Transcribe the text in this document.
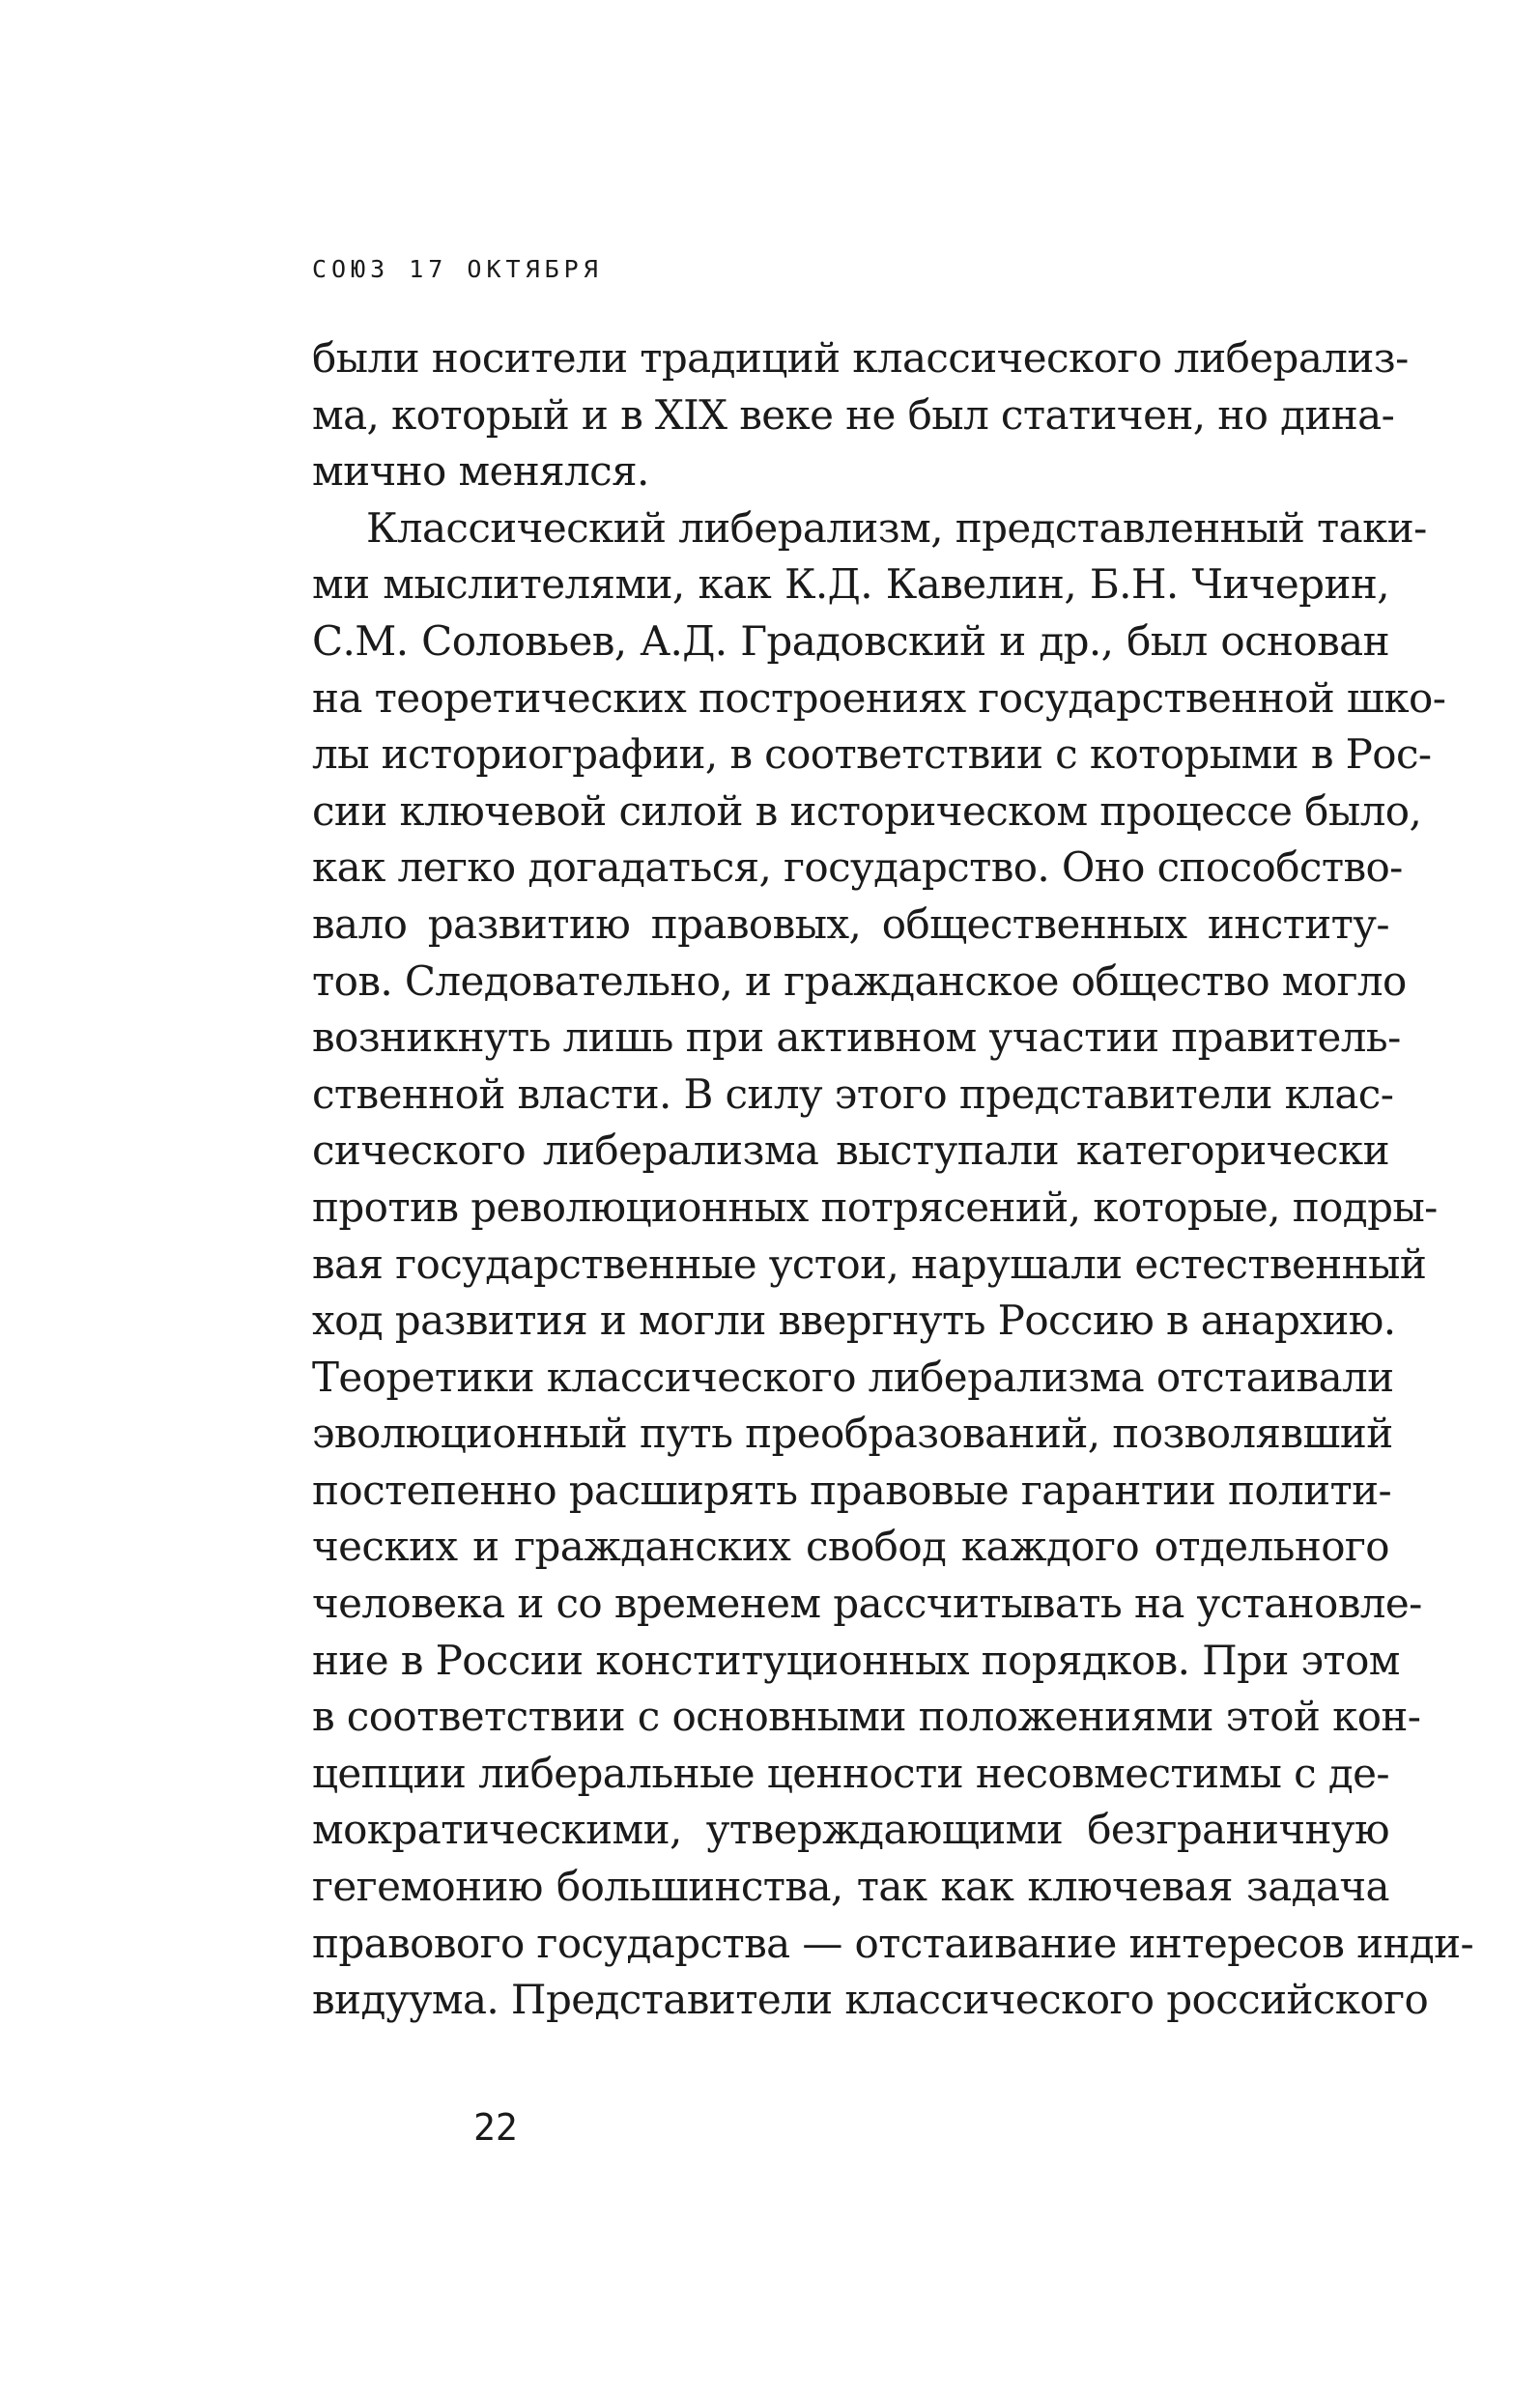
СОЮЗ 17 ОКТЯБРЯ
были носители традиций классического либерализ-
ма, который и в XIX веке не был статичен, но дина-
мично менялся.
Классический либерализм, представленный таки-
ми мыслителями, как К.Д. Кавелин, Б.Н. Чичерин,
С.М. Соловьев, А.Д. Градовский и др., был основан
на теоретических построениях государственной шко-
лы историографии, в соответствии с которыми в Рос-
сии ключевой силой в историческом процессе было,
как легко догадаться, государство. Оно способство-
вало развитию правовых, общественных институ-
тов. Следовательно, и гражданское общество могло
возникнуть лишь при активном участии правитель-
ственной власти. В силу этого представители клас-
сического либерализма выступали категорически
против революционных потрясений, которые, подры-
вая государственные устои, нарушали естественный
ход развития и могли ввергнуть Россию в анархию.
Теоретики классического либерализма отстаивали
эволюционный путь преобразований, позволявший
постепенно расширять правовые гарантии полити-
ческих и гражданских свобод каждого отдельного
человека и со временем рассчитывать на установле-
ние в России конституционных порядков. При этом
в соответствии с основными положениями этой кон-
цепции либеральные ценности несовместимы с де-
мократическими, утверждающими безграничную
гегемонию большинства, так как ключевая задача
правового государства — отстаивание интересов инди-
видуума. Представители классического российского
22
